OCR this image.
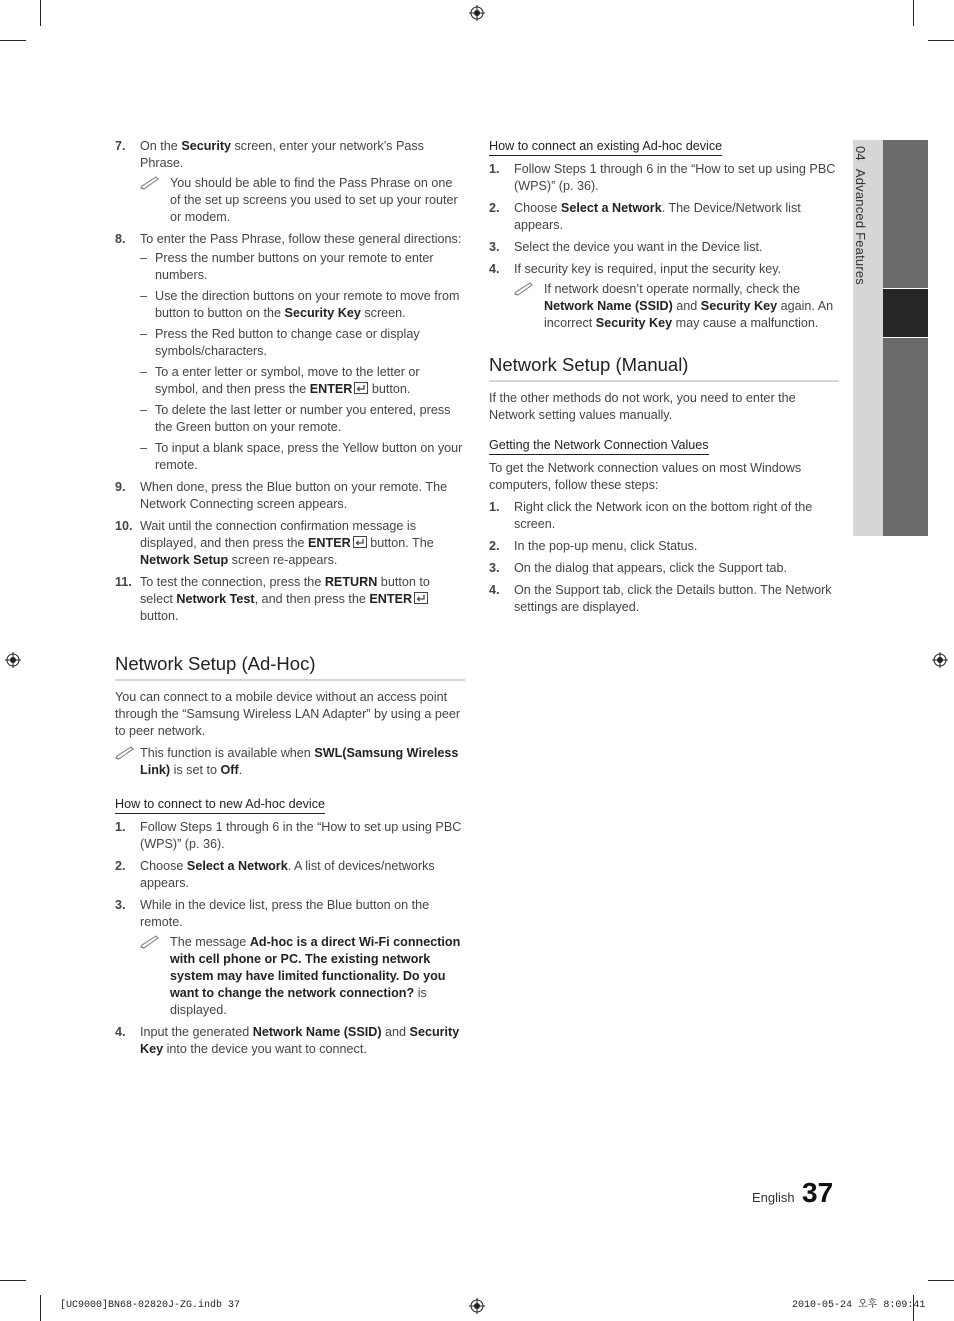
7. On the Security screen, enter your network’s Pass Phrase.
You should be able to find the Pass Phrase on one of the set up screens you used to set up your router or modem.
8. To enter the Pass Phrase, follow these general directions:
– Press the number buttons on your remote to enter numbers.
– Use the direction buttons on your remote to move from button to button on the Security Key screen.
– Press the Red button to change case or display symbols/characters.
– To a enter letter or symbol, move to the letter or symbol, and then press the ENTER button.
– To delete the last letter or number you entered, press the Green button on your remote.
– To input a blank space, press the Yellow button on your remote.
9. When done, press the Blue button on your remote. The Network Connecting screen appears.
10. Wait until the connection confirmation message is displayed, and then press the ENTER button. The Network Setup screen re-appears.
11. To test the connection, press the RETURN button to select Network Test, and then press the ENTER button.
Network Setup (Ad-Hoc)

You can connect to a mobile device without an access point through the “Samsung Wireless LAN Adapter” by using a peer to peer network.

This function is available when SWL(Samsung Wireless Link) is set to Off.
How to connect to new Ad-hoc device
1. Follow Steps 1 through 6 in the “How to set up using PBC (WPS)” (p. 36).
2. Choose Select a Network. A list of devices/networks appears.
3. While in the device list, press the Blue button on the remote.
The message Ad-hoc is a direct Wi-Fi connection with cell phone or PC. The existing network system may have limited functionality. Do you want to change the network connection? is displayed.
4. Input the generated Network Name (SSID) and Security Key into the device you want to connect.
How to connect an existing Ad-hoc device
1. Follow Steps 1 through 6 in the “How to set up using PBC (WPS)” (p. 36).
2. Choose Select a Network. The Device/Network list appears.
3. Select the device you want in the Device list.
4. If security key is required, input the security key.
If network doesn’t operate normally, check the Network Name (SSID) and Security Key again. An incorrect Security Key may cause a malfunction.
Network Setup (Manual)

If the other methods do not work, you need to enter the Network setting values manually.

Getting the Network Connection Values

To get the Network connection values on most Windows computers, follow these steps:

1. Right click the Network icon on the bottom right of the screen.
2. In the pop-up menu, click Status.
3. On the dialog that appears, click the Support tab.
4. On the Support tab, click the Details button. The Network settings are displayed.
04Advanced Features
English 37
[UC9000]BN68-02820J-ZG.indb 37	2010-05-24 오후 8:09:41
